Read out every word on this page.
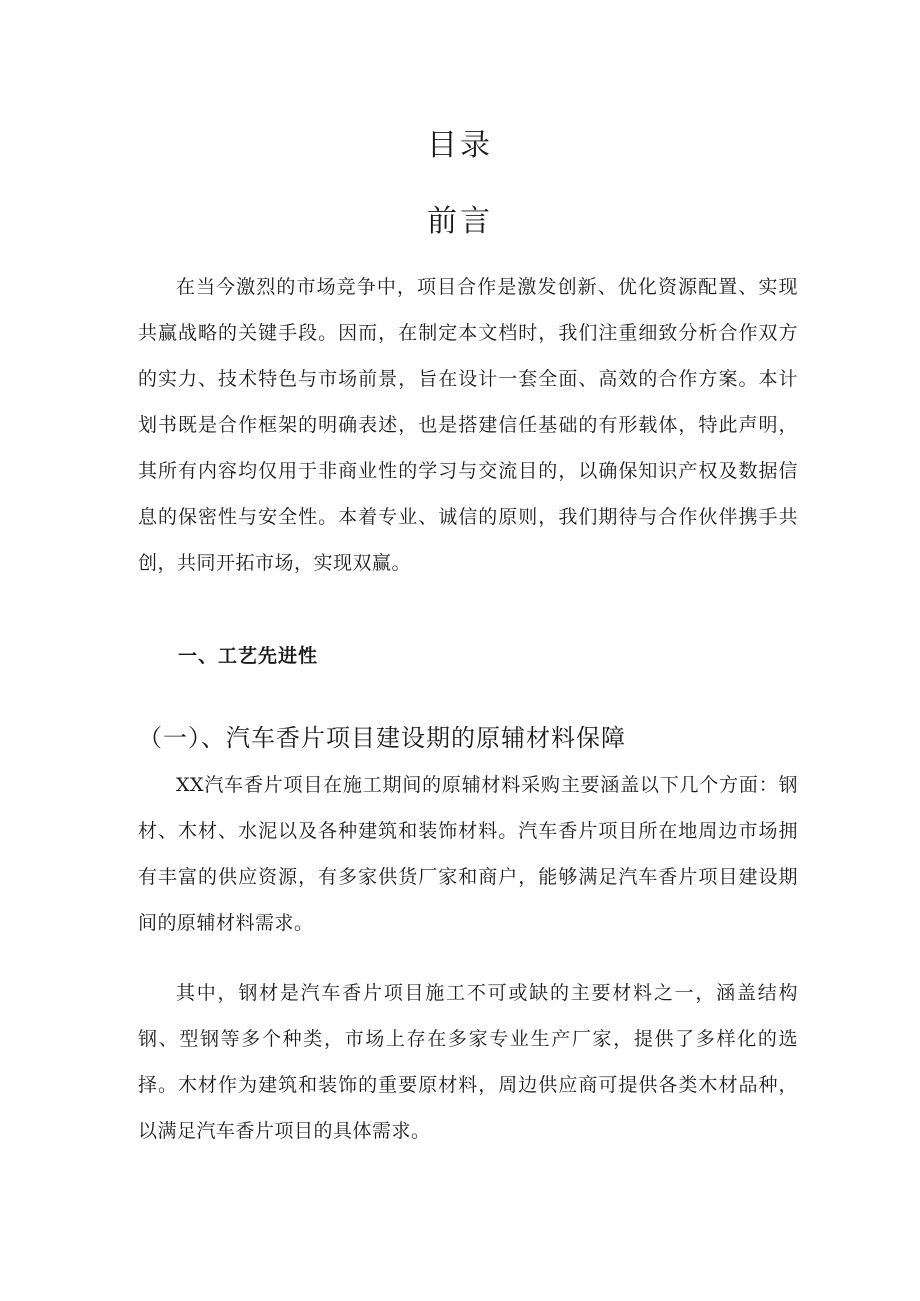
目录
前言

在当今激烈的市场竞争中，项目合作是激发创新、优化资源配置、实现共赢战略的关键手段。因而，在制定本文档时，我们注重细致分析合作双方的实力、技术特色与市场前景，旨在设计一套全面、高效的合作方案。本计划书既是合作框架的明确表述，也是搭建信任基础的有形载体，特此声明，其所有内容均仅用于非商业性的学习与交流目的，以确保知识产权及数据信息的保密性与安全性。本着专业、诚信的原则，我们期待与合作伙伴携手共创，共同开拓市场，实现双赢。

一、工艺先进性
（一）、汽车香片项目建设期的原辅材料保障

XX汽车香片项目在施工期间的原辅材料采购主要涵盖以下几个方面：钢材、木材、水泥以及各种建筑和装饰材料。汽车香片项目所在地周边市场拥有丰富的供应资源，有多家供货厂家和商户，能够满足汽车香片项目建设期间的原辅材料需求。

其中，钢材是汽车香片项目施工不可或缺的主要材料之一，涵盖结构钢、型钢等多个种类，市场上存在多家专业生产厂家，提供了多样化的选择。木材作为建筑和装饰的重要原材料，周边供应商可提供各类木材品种，以满足汽车香片项目的具体需求。
